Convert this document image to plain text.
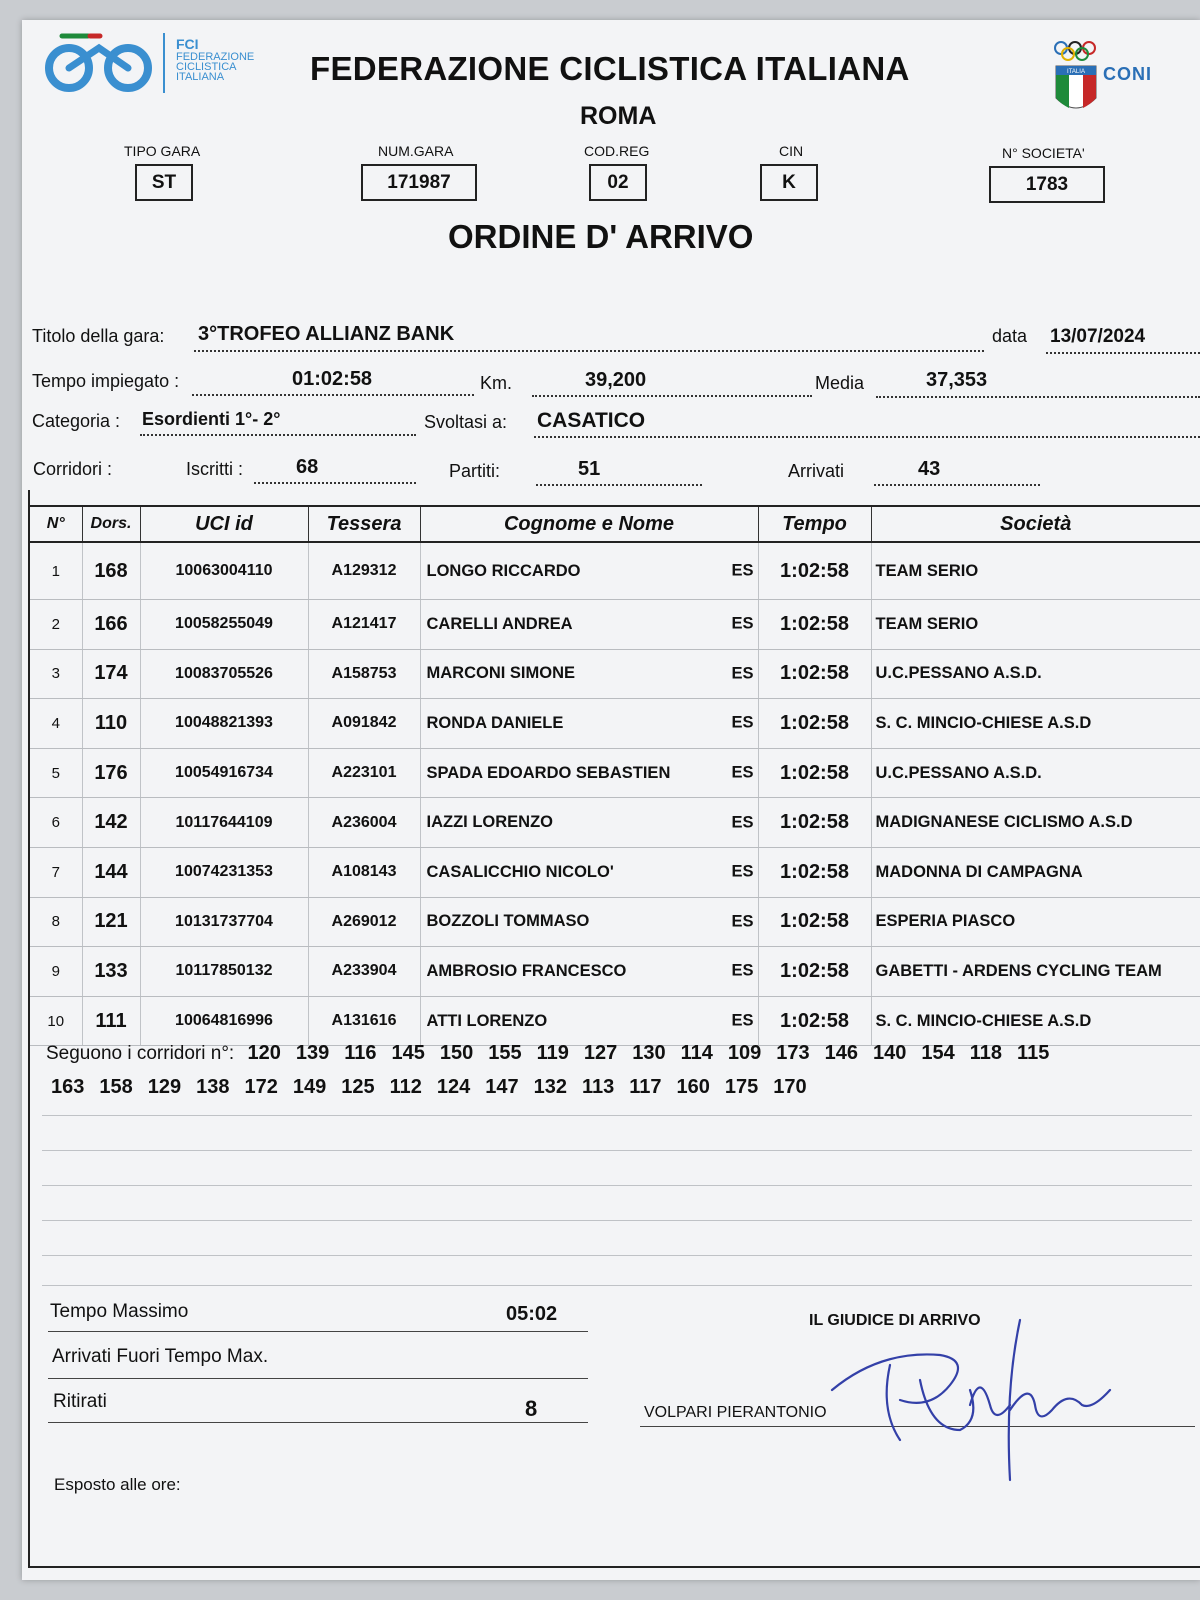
FCI
FEDERAZIONE
CICLISTICA
ITALIANA	FEDERAZIONE CICLISTICA ITALIANA
ROMA
ITALIA CONI
TIPO GARA
ST
NUM.GARA
171987
COD.REG
02
CIN
K
N° SOCIETA'
1783
ORDINE D' ARRIVO
Titolo della gara: 3°TROFEO ALLIANZ BANK	data 13/07/2024
Tempo impiegato :	01:02:58	Km.	39,200	Media	37,353
Categoria : Esordienti 1°- 2°	Svoltasi a: CASATICO
Corridori :	Iscritti :	68	Partiti:	51	Arrivati	43
N°	Dors.	UCI id	Tessera	Cognome e Nome	Tempo	Società
1	168	10063004110	A129312	LONGO RICCARDO ES	1:02:58	TEAM SERIO
2	166	10058255049	A121417	CARELLI ANDREA ES	1:02:58	TEAM SERIO
3	174	10083705526	A158753	MARCONI SIMONE ES	1:02:58	U.C.PESSANO A.S.D.
4	110	10048821393	A091842	RONDA DANIELE ES	1:02:58	S. C. MINCIO-CHIESE A.S.D
5	176	10054916734	A223101	SPADA EDOARDO SEBASTIEN ES	1:02:58	U.C.PESSANO A.S.D.
6	142	10117644109	A236004	IAZZI LORENZO ES	1:02:58	MADIGNANESE CICLISMO A.S.D
7	144	10074231353	A108143	CASALICCHIO NICOLO' ES	1:02:58	MADONNA DI CAMPAGNA
8	121	10131737704	A269012	BOZZOLI TOMMASO ES	1:02:58	ESPERIA PIASCO
9	133	10117850132	A233904	AMBROSIO FRANCESCO ES	1:02:58	GABETTI - ARDENS CYCLING TEAM
10	111	10064816996	A131616	ATTI LORENZO ES	1:02:58	S. C. MINCIO-CHIESE A.S.D
Seguono i corridori n°: 120 139 116 145 150 155 119 127 130 114 109 173 146 140 154 118 115
163 158 129 138 172 149 125 112 124 147 132 113 117 160 175 170
Tempo Massimo	05:02
Arrivati Fuori Tempo Max.
Ritirati	8
Esposto alle ore:
IL GIUDICE DI ARRIVO
VOLPARI PIERANTONIO
